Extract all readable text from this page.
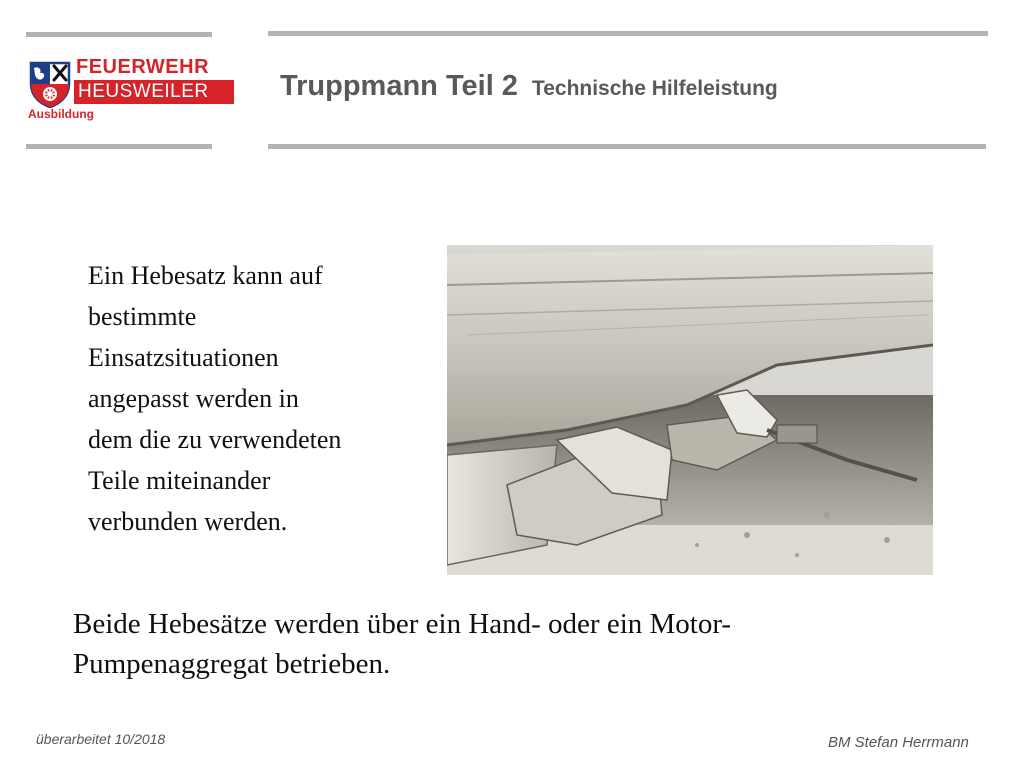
FEUERWEHR
HEUSWEILER
Ausbildung
Truppmann Teil 2 Technische Hilfeleistung
Ein Hebesatz kann auf
bestimmte
Einsatzsituationen
angepasst werden in
dem die zu verwendeten
Teile miteinander
verbunden werden.
Beide Hebesätze werden über ein Hand- oder ein Motor-
Pumpenaggregat betrieben.
überarbeitet 10/2018	BM Stefan Herrmann
